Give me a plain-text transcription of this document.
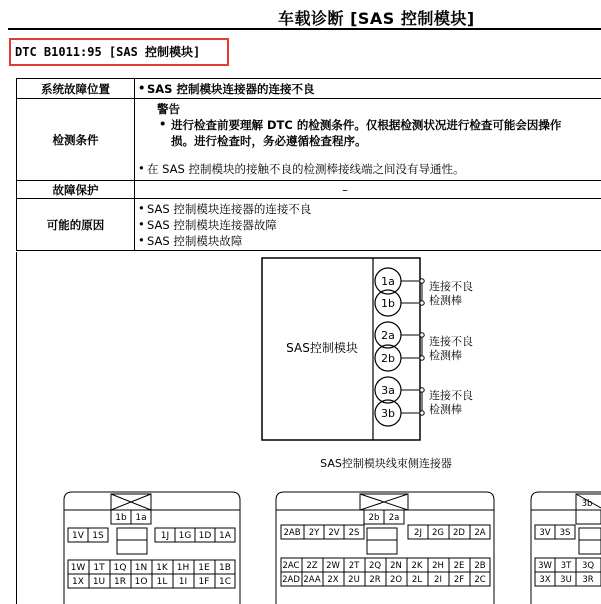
车载诊断 [SAS 控制模块]
DTC B1011:95 [SAS 控制模块]
系统故障位置	• SAS 控制模块连接器的连接不良

检测条件	警告
• 进行检查前要理解 DTC 的检测条件。仅根据检测状况进行检查可能会因操作
损。进行检查时，务必遵循检查程序。
• 在 SAS 控制模块的接触不良的检测棒接线端之间没有导通性。

故障保护	–
可能的原因	• SAS 控制模块连接器的连接不良
• SAS 控制模块连接器故障
• SAS 控制模块故障
SAS控制模块
1a
1b
2a
2b
3a
3b
连接不良
检测棒
连接不良
检测棒
连接不良
检测棒
SAS控制模块线束侧连接器
1b 1a
1V 1S	1J 1G 1D 1A
1W 1T 1Q 1N 1K 1H 1E 1B
1X 1U 1R 1O 1L 1I 1F 1C
2b 2a
2AB 2Y 2V 2S	2J 2G 2D 2A
2AC 2Z 2W 2T 2Q 2N 2K 2H 2E 2B
2AD 2AA 2X 2U 2R 2O 2L 2I 2F 2C
3b
3V 3S
3W 3T 3Q
3X 3U 3R
